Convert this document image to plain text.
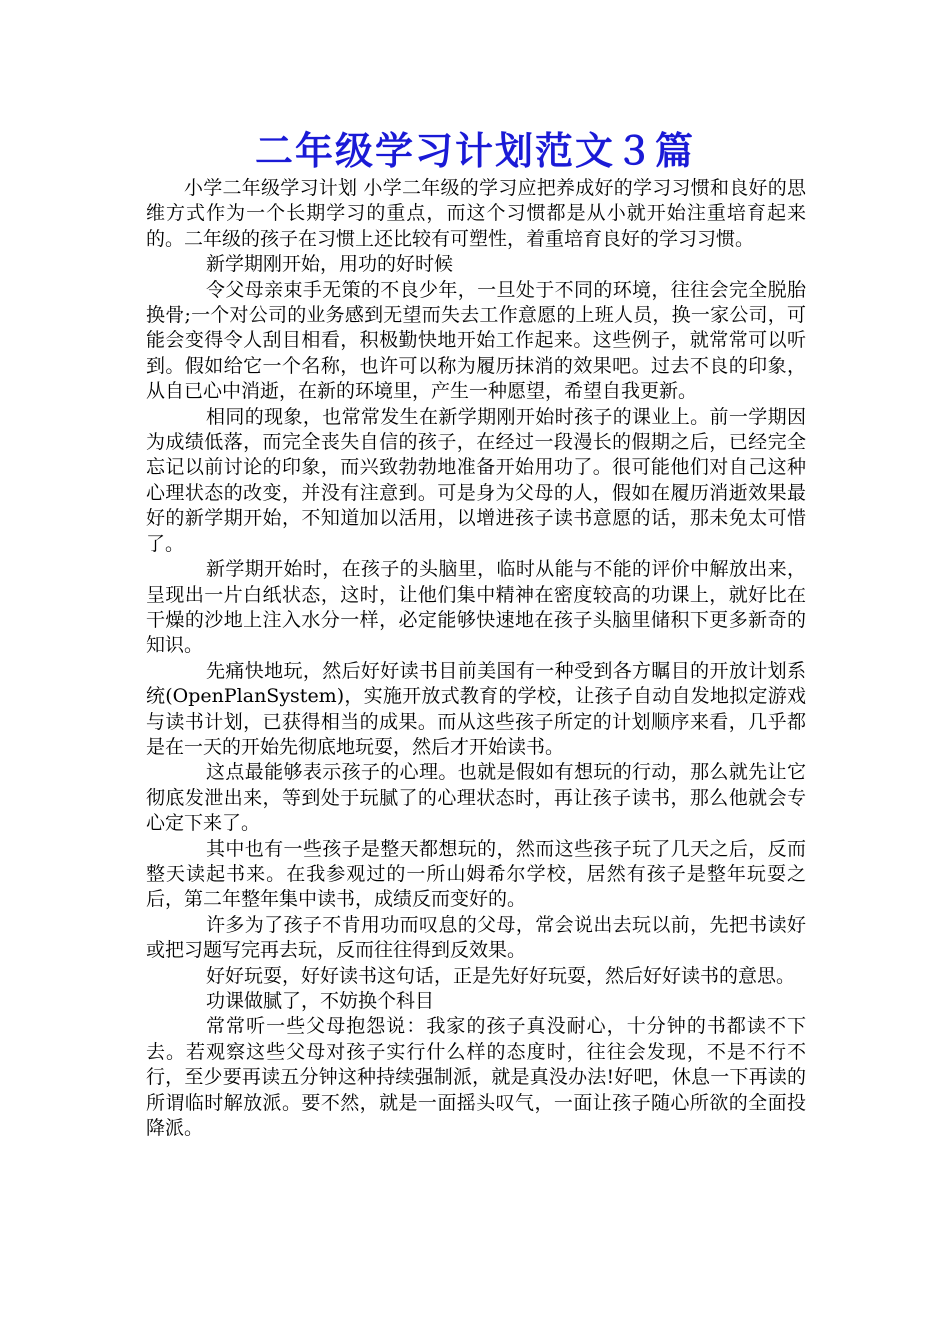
二年级学习计划范文３篇

小学二年级学习计划 小学二年级的学习应把养成好的学习习惯和良好的思维方式作为一个长期学习的重点，而这个习惯都是从小就开始注重培育起来的。二年级的孩子在习惯上还比较有可塑性，着重培育良好的学习习惯。

新学期刚开始，用功的好时候

令父母亲束手无策的不良少年，一旦处于不同的环境，往往会完全脱胎换骨;一个对公司的业务感到无望而失去工作意愿的上班人员，换一家公司，可能会变得令人刮目相看，积极勤快地开始工作起来。这些例子，就常常可以听到。假如给它一个名称，也许可以称为履历抹消的效果吧。过去不良的印象，从自已心中消逝，在新的环境里，产生一种愿望，希望自我更新。

相同的现象，也常常发生在新学期刚开始时孩子的课业上。前一学期因为成绩低落，而完全丧失自信的孩子，在经过一段漫长的假期之后，已经完全忘记以前讨论的印象，而兴致勃勃地准备开始用功了。很可能他们对自己这种心理状态的改变，并没有注意到。可是身为父母的人，假如在履历消逝效果最好的新学期开始，不知道加以活用，以增进孩子读书意愿的话，那未免太可惜了。

新学期开始时，在孩子的头脑里，临时从能与不能的评价中解放出来，呈现出一片白纸状态，这时，让他们集中精神在密度较高的功课上，就好比在干燥的沙地上注入水分一样，必定能够快速地在孩子头脑里储积下更多新奇的知识。

先痛快地玩，然后好好读书目前美国有一种受到各方瞩目的开放计划系统(OpenPlanSystem)，实施开放式教育的学校，让孩子自动自发地拟定游戏与读书计划，已获得相当的成果。而从这些孩子所定的计划顺序来看，几乎都是在一天的开始先彻底地玩耍，然后才开始读书。

这点最能够表示孩子的心理。也就是假如有想玩的行动，那么就先让它彻底发泄出来，等到处于玩腻了的心理状态时，再让孩子读书，那么他就会专心定下来了。

其中也有一些孩子是整天都想玩的，然而这些孩子玩了几天之后，反而整天读起书来。在我参观过的一所山姆希尔学校，居然有孩子是整年玩耍之后，第二年整年集中读书，成绩反而变好的。

许多为了孩子不肯用功而叹息的父母，常会说出去玩以前，先把书读好或把习题写完再去玩，反而往往得到反效果。

好好玩耍，好好读书这句话，正是先好好玩耍，然后好好读书的意思。

功课做腻了，不妨换个科目

常常听一些父母抱怨说：我家的孩子真没耐心，十分钟的书都读不下去。若观察这些父母对孩子实行什么样的态度时，往往会发现，不是不行不行，至少要再读五分钟这种持续强制派，就是真没办法!好吧，休息一下再读的所谓临时解放派。要不然，就是一面摇头叹气，一面让孩子随心所欲的全面投降派。
